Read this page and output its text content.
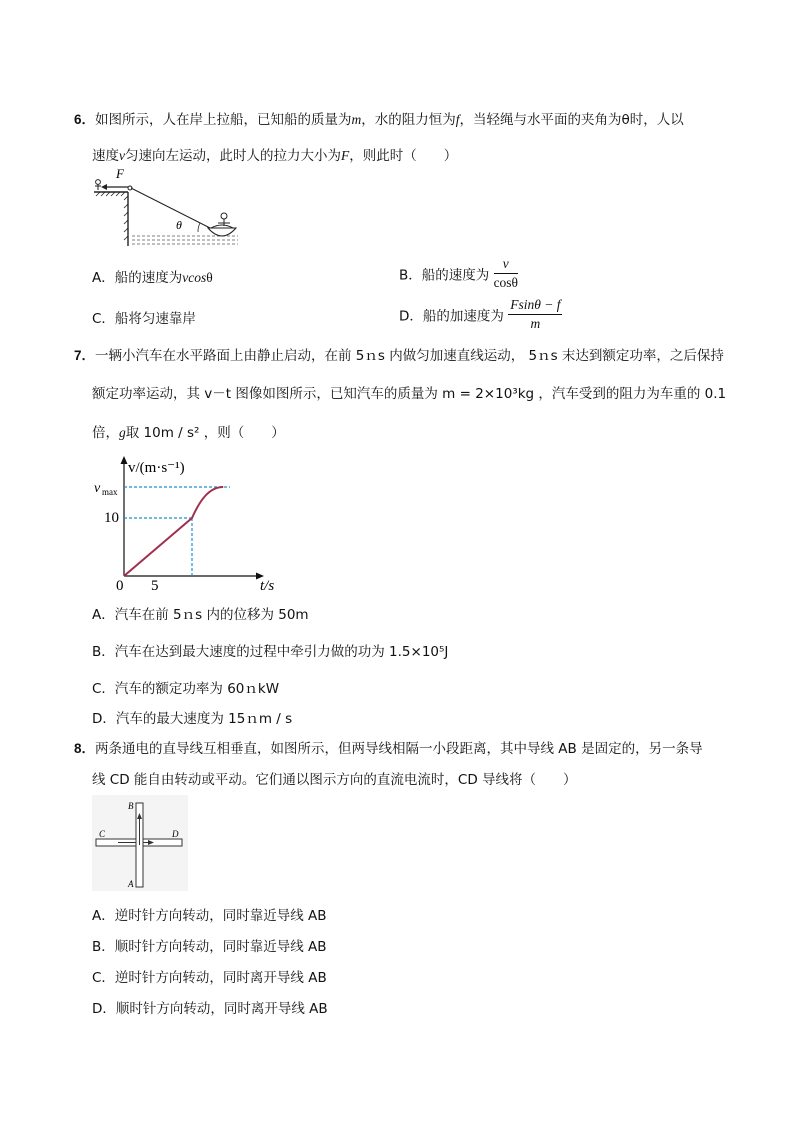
6．如图所示，人在岸上拉船，已知船的质量为m，水的阻力恒为f，当轻绳与水平面的夹角为θ时，人以
速度v匀速向左运动，此时人的拉力大小为F，则此时（　　）
F
θ
A．船的速度为vcosθ	B．船的速度为 $\frac{v}{\cos\theta}$
C．船将匀速靠岸	D．船的加速度为 $\frac{Fsin\theta - f}{m}$
7．一辆小汽车在水平路面上由静止启动，在前 5ｎs 内做匀加速直线运动， 5ｎs 末达到额定功率，之后保持
额定功率运动，其 v－t 图像如图所示，已知汽车的质量为 m = 2×10³kg ，汽车受到的阻力为车重的 0.1
倍，g取 10m / s² ，则（　　）
v/(m·s⁻¹)
t/s
0 5
10
v max
A．汽车在前 5ｎs 内的位移为 50m
B．汽车在达到最大速度的过程中牵引力做的功为 1.5×10⁵J
C．汽车的额定功率为 60ｎkW
D．汽车的最大速度为 15ｎm / s
8．两条通电的直导线互相垂直，如图所示，但两导线相隔一小段距离，其中导线 AB 是固定的，另一条导
线 CD 能自由转动或平动。它们通以图示方向的直流电流时，CD 导线将（　　）
B
A
C	D
A．逆时针方向转动，同时靠近导线 AB
B．顺时针方向转动，同时靠近导线 AB
C．逆时针方向转动，同时离开导线 AB
D．顺时针方向转动，同时离开导线 AB
